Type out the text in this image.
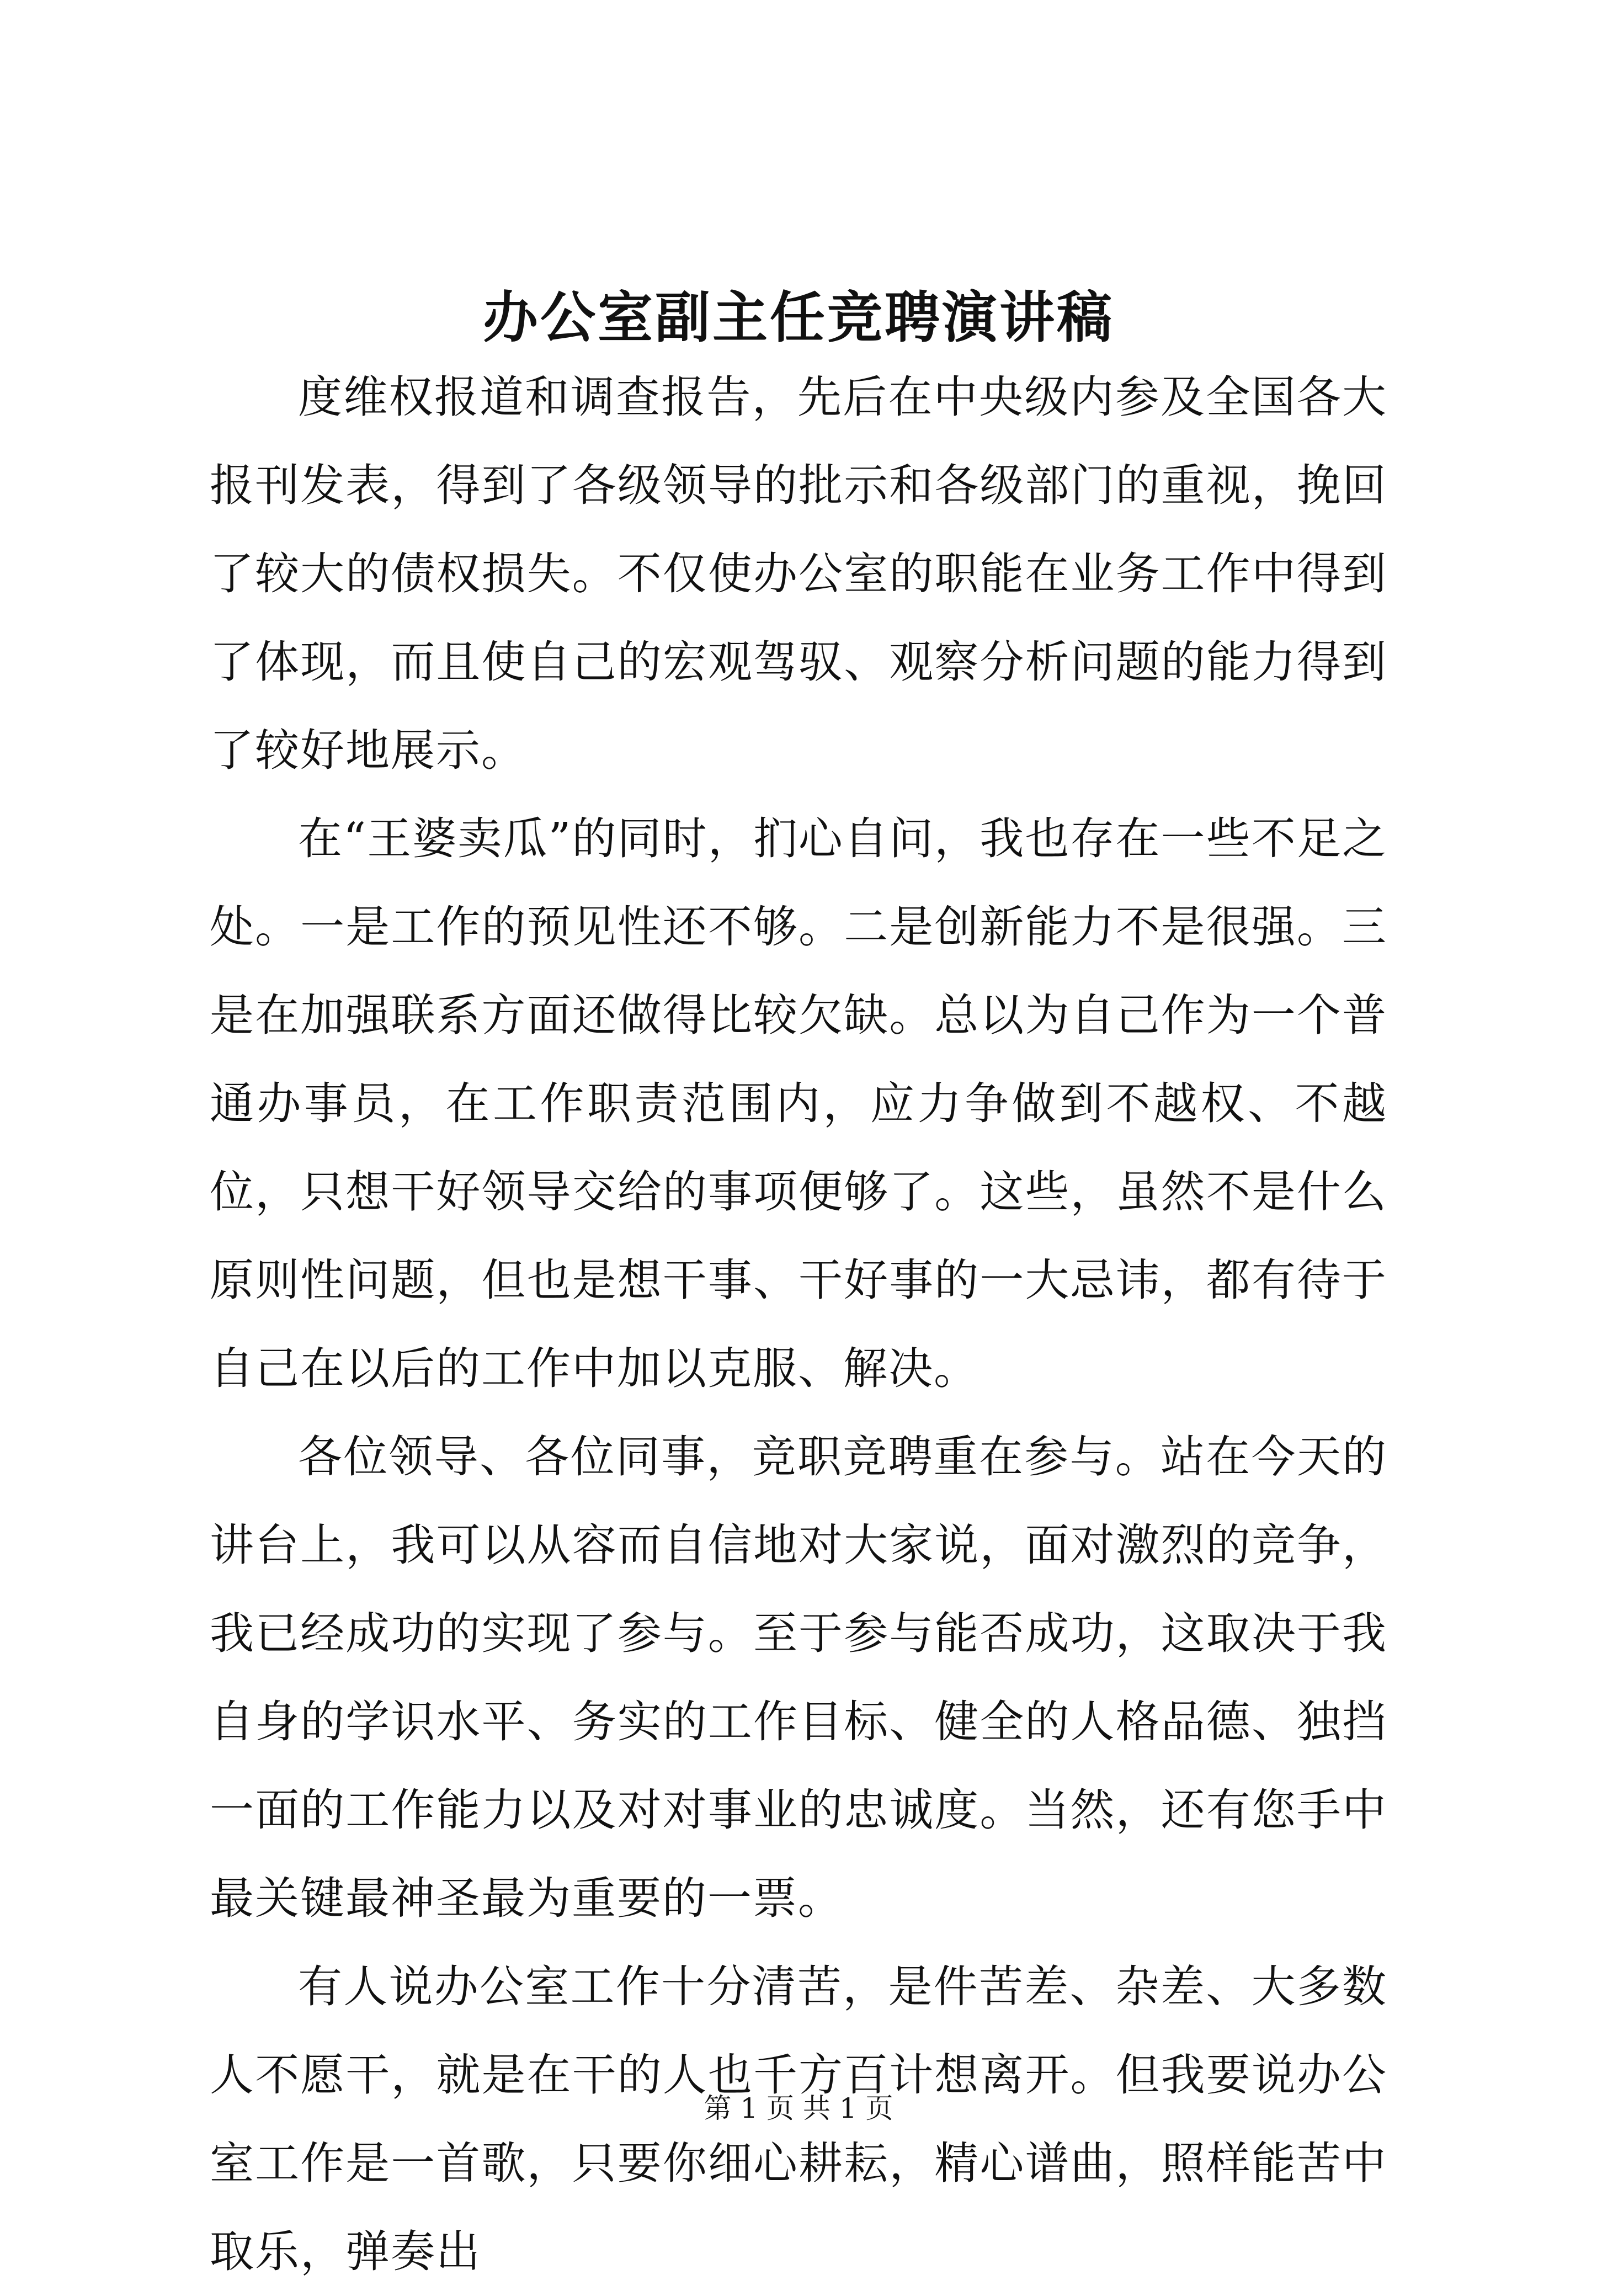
办公室副主任竞聘演讲稿

度维权报道和调查报告，先后在中央级内参及全国各大报刊发表，得到了各级领导的批示和各级部门的重视，挽回了较大的债权损失。不仅使办公室的职能在业务工作中得到了体现，而且使自己的宏观驾驭、观察分析问题的能力得到了较好地展示。

在“王婆卖瓜”的同时，扪心自问，我也存在一些不足之处。一是工作的预见性还不够。二是创新能力不是很强。三是在加强联系方面还做得比较欠缺。总以为自己作为一个普通办事员，在工作职责范围内，应力争做到不越权、不越位，只想干好领导交给的事项便够了。这些，虽然不是什么原则性问题，但也是想干事、干好事的一大忌讳，都有待于自己在以后的工作中加以克服、解决。

各位领导、各位同事，竞职竞聘重在参与。站在今天的讲台上，我可以从容而自信地对大家说，面对激烈的竞争，我已经成功的实现了参与。至于参与能否成功，这取决于我自身的学识水平、务实的工作目标、健全的人格品德、独挡一面的工作能力以及对对事业的忠诚度。当然，还有您手中最关键最神圣最为重要的一票。

有人说办公室工作十分清苦，是件苦差、杂差、大多数人不愿干，就是在干的人也千方百计想离开。但我要说办公室工作是一首歌，只要你细心耕耘，精心谱曲，照样能苦中取乐，弹奏出

第 1 页 共 1 页
